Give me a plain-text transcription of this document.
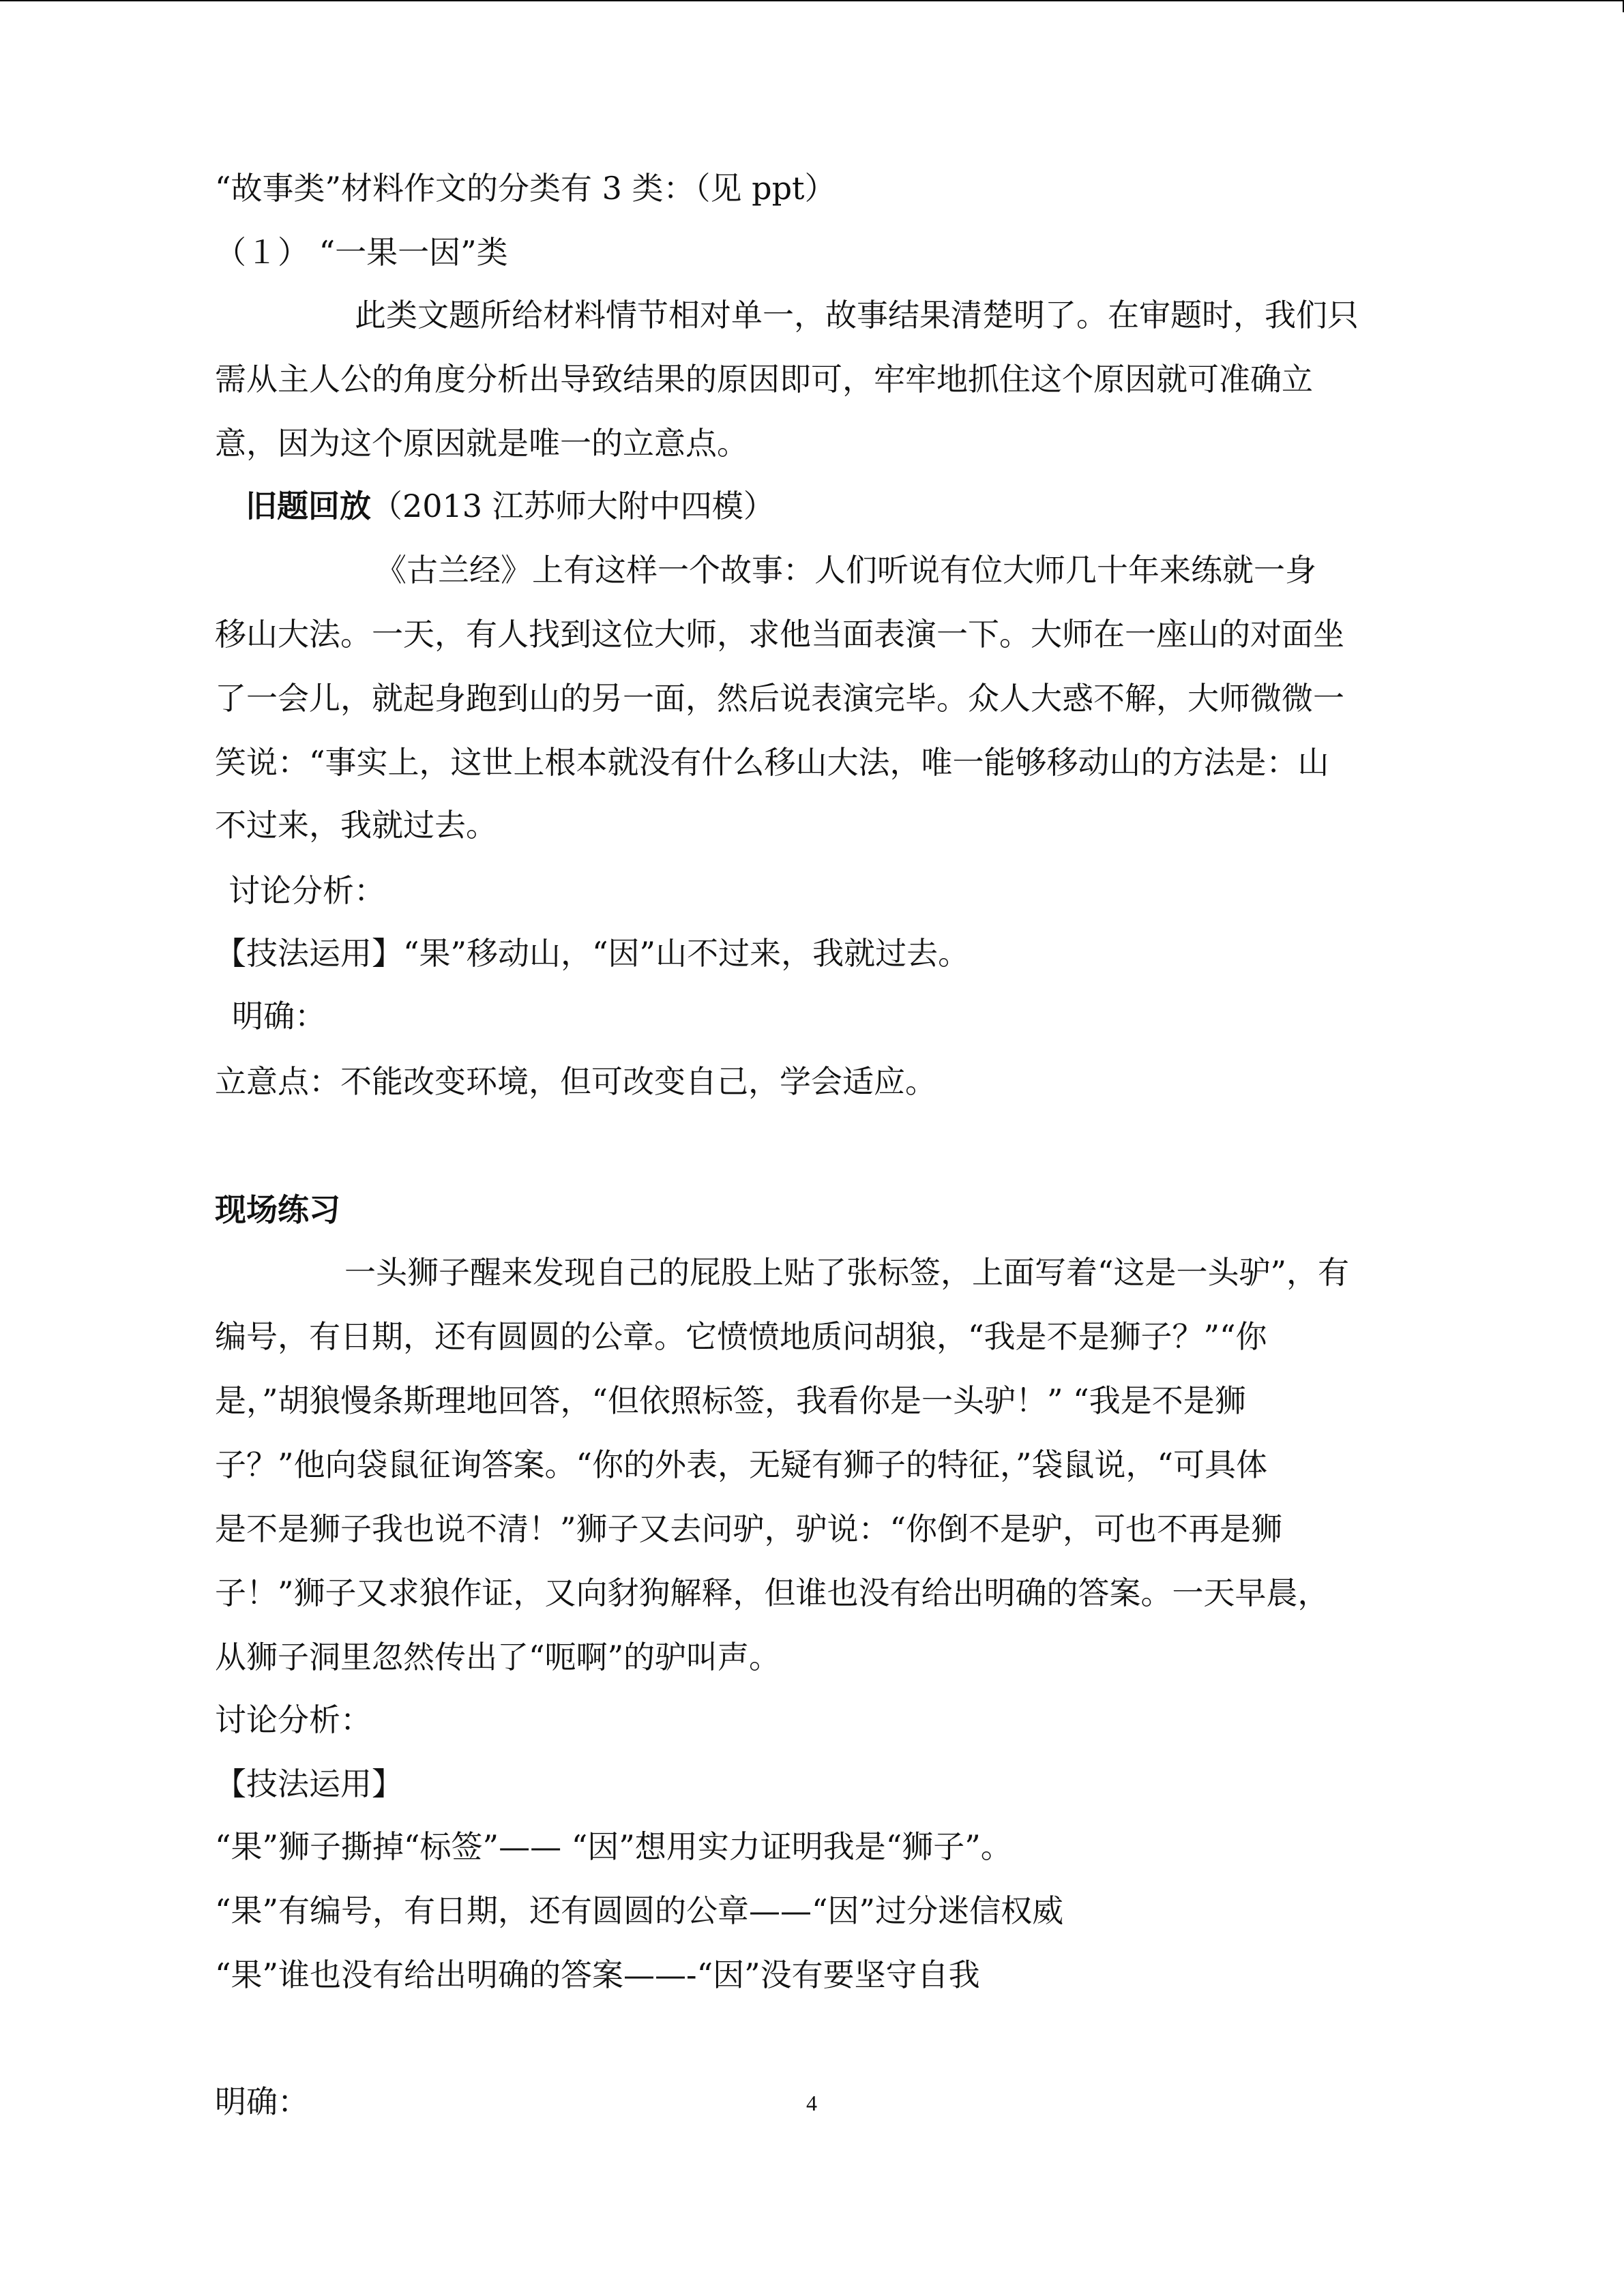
“故事类”材料作文的分类有 3 类：（见 ppt）
（１） “一果一因”类
此类文题所给材料情节相对单一，故事结果清楚明了。在审题时，我们只
需从主人公的角度分析出导致结果的原因即可，牢牢地抓住这个原因就可准确立
意，因为这个原因就是唯一的立意点。
旧题回放（2013 江苏师大附中四模）
《古兰经》上有这样一个故事：人们听说有位大师几十年来练就一身
移山大法。一天，有人找到这位大师，求他当面表演一下。大师在一座山的对面坐
了一会儿，就起身跑到山的另一面，然后说表演完毕。众人大惑不解，大师微微一
笑说：“事实上，这世上根本就没有什么移山大法，唯一能够移动山的方法是：山
不过来，我就过去。
讨论分析：
【技法运用】“果”移动山，“因”山不过来，我就过去。
明确：
立意点：不能改变环境，但可改变自己，学会适应。
现场练习
一头狮子醒来发现自己的屁股上贴了张标签，上面写着“这是一头驴”，有
编号，有日期，还有圆圆的公章。它愤愤地质问胡狼，“我是不是狮子？”“你
是，”胡狼慢条斯理地回答，“但依照标签，我看你是一头驴！” “我是不是狮
子？”他向袋鼠征询答案。“你的外表，无疑有狮子的特征，”袋鼠说，“可具体
是不是狮子我也说不清！”狮子又去问驴，驴说：“你倒不是驴，可也不再是狮
子！”狮子又求狼作证，又向豺狗解释，但谁也没有给出明确的答案。一天早晨，
从狮子洞里忽然传出了“呃啊”的驴叫声。
讨论分析：
【技法运用】
“果”狮子撕掉“标签”—— “因”想用实力证明我是“狮子”。
“果”有编号，有日期，还有圆圆的公章——“因”过分迷信权威
“果”谁也没有给出明确的答案——-“因”没有要坚守自我
明确：	4
